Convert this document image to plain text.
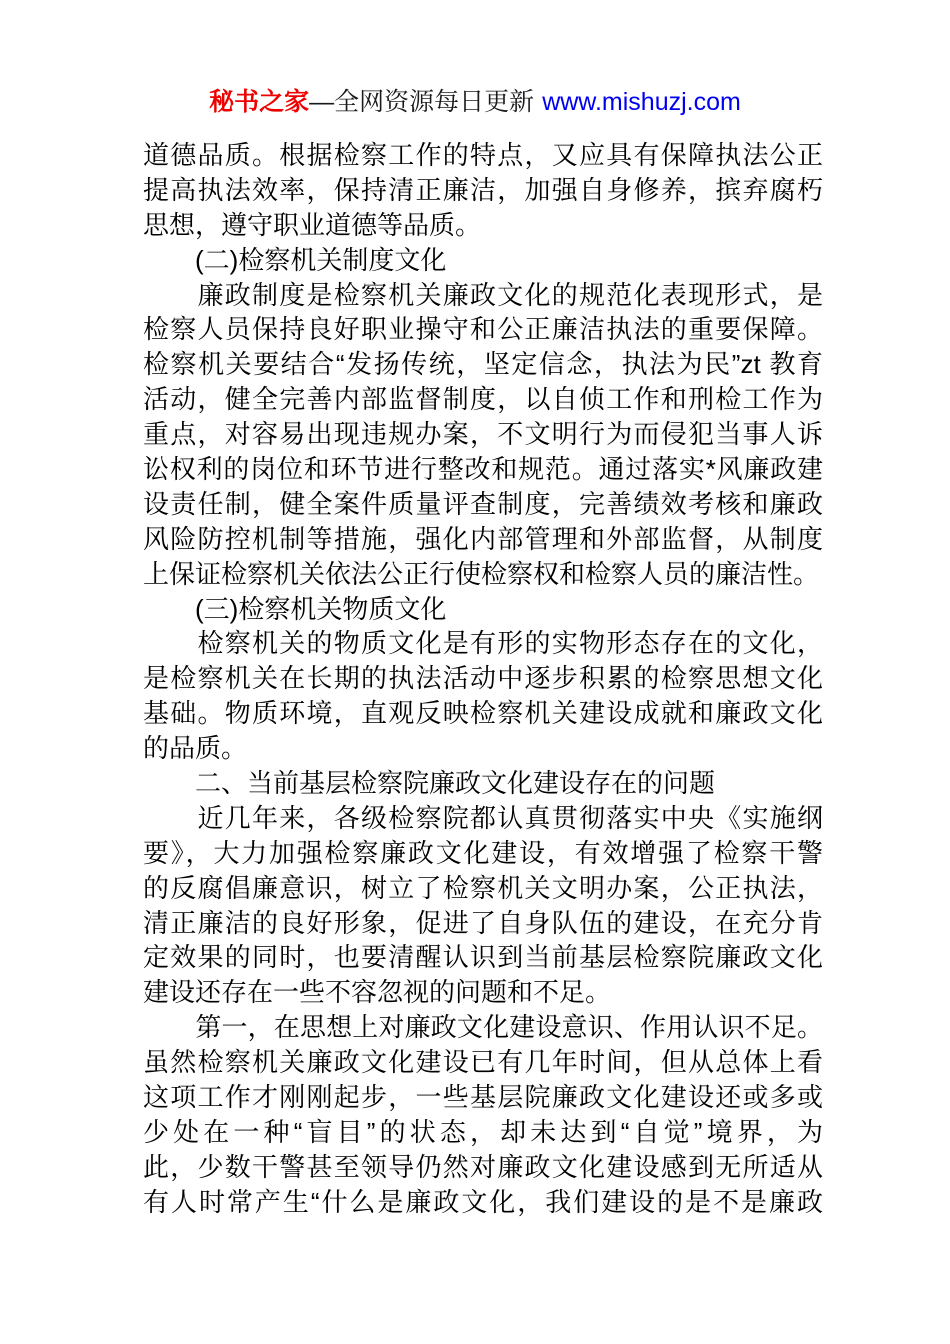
秘书之家—全网资源每日更新 www.mishuzj.com
道德品质。根据检察工作的特点，又应具有保障执法公正
提高执法效率，保持清正廉洁，加强自身修养，摈弃腐朽
思想，遵守职业道德等品质。
　　(二)检察机关制度文化
　　廉政制度是检察机关廉政文化的规范化表现形式，是
检察人员保持良好职业操守和公正廉洁执法的重要保障。
检察机关要结合“发扬传统，坚定信念，执法为民”zt 教育
活动，健全完善内部监督制度，以自侦工作和刑检工作为
重点，对容易出现违规办案，不文明行为而侵犯当事人诉
讼权利的岗位和环节进行整改和规范。通过落实*风廉政建
设责任制，健全案件质量评查制度，完善绩效考核和廉政
风险防控机制等措施，强化内部管理和外部监督，从制度
上保证检察机关依法公正行使检察权和检察人员的廉洁性。
　　(三)检察机关物质文化
　　检察机关的物质文化是有形的实物形态存在的文化，
是检察机关在长期的执法活动中逐步积累的检察思想文化
基础。物质环境，直观反映检察机关建设成就和廉政文化
的品质。
　　二、当前基层检察院廉政文化建设存在的问题
　　近几年来，各级检察院都认真贯彻落实中央《实施纲
要》，大力加强检察廉政文化建设，有效增强了检察干警
的反腐倡廉意识，树立了检察机关文明办案，公正执法，
清正廉洁的良好形象，促进了自身队伍的建设，在充分肯
定效果的同时，也要清醒认识到当前基层检察院廉政文化
建设还存在一些不容忽视的问题和不足。
　　第一，在思想上对廉政文化建设意识、作用认识不足。
虽然检察机关廉政文化建设已有几年时间，但从总体上看
这项工作才刚刚起步，一些基层院廉政文化建设还或多或
少处在一种“盲目”的状态，却未达到“自觉”境界，为
此，少数干警甚至领导仍然对廉政文化建设感到无所适从
有人时常产生“什么是廉政文化，我们建设的是不是廉政
